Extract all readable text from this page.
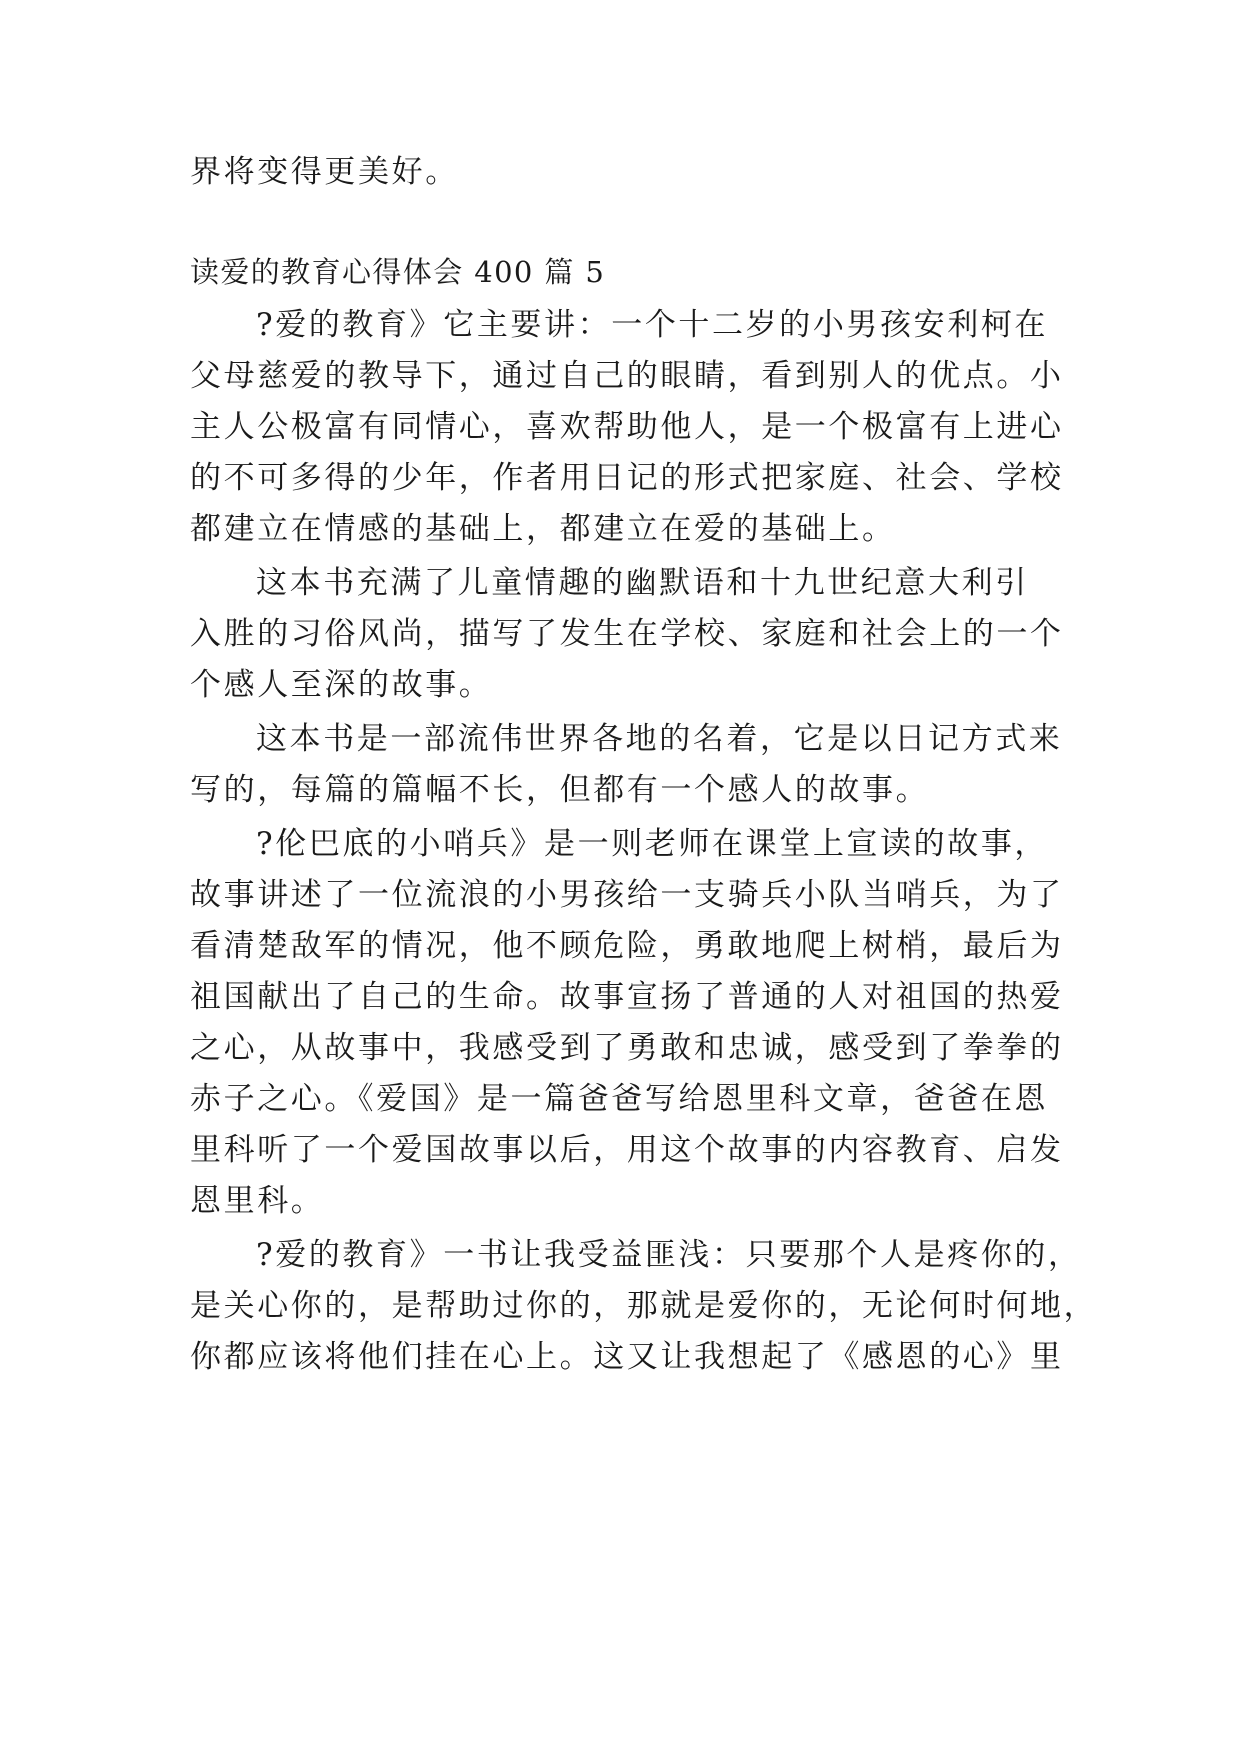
界将变得更美好。
读爱的教育心得体会 400 篇 5
?爱的教育》它主要讲：一个十二岁的小男孩安利柯在
父母慈爱的教导下，通过自己的眼睛，看到别人的优点。小
主人公极富有同情心，喜欢帮助他人，是一个极富有上进心
的不可多得的少年，作者用日记的形式把家庭、社会、学校
都建立在情感的基础上，都建立在爱的基础上。
这本书充满了儿童情趣的幽默语和十九世纪意大利引
入胜的习俗风尚，描写了发生在学校、家庭和社会上的一个
个感人至深的故事。
这本书是一部流伟世界各地的名着，它是以日记方式来
写的，每篇的篇幅不长，但都有一个感人的故事。
?伦巴底的小哨兵》是一则老师在课堂上宣读的故事，
故事讲述了一位流浪的小男孩给一支骑兵小队当哨兵，为了
看清楚敌军的情况，他不顾危险，勇敢地爬上树梢，最后为
祖国献出了自己的生命。故事宣扬了普通的人对祖国的热爱
之心，从故事中，我感受到了勇敢和忠诚，感受到了拳拳的
赤子之心。《爱国》是一篇爸爸写给恩里科文章，爸爸在恩
里科听了一个爱国故事以后，用这个故事的内容教育、启发
恩里科。
?爱的教育》一书让我受益匪浅：只要那个人是疼你的，
是关心你的，是帮助过你的，那就是爱你的，无论何时何地，
你都应该将他们挂在心上。这又让我想起了《感恩的心》里
